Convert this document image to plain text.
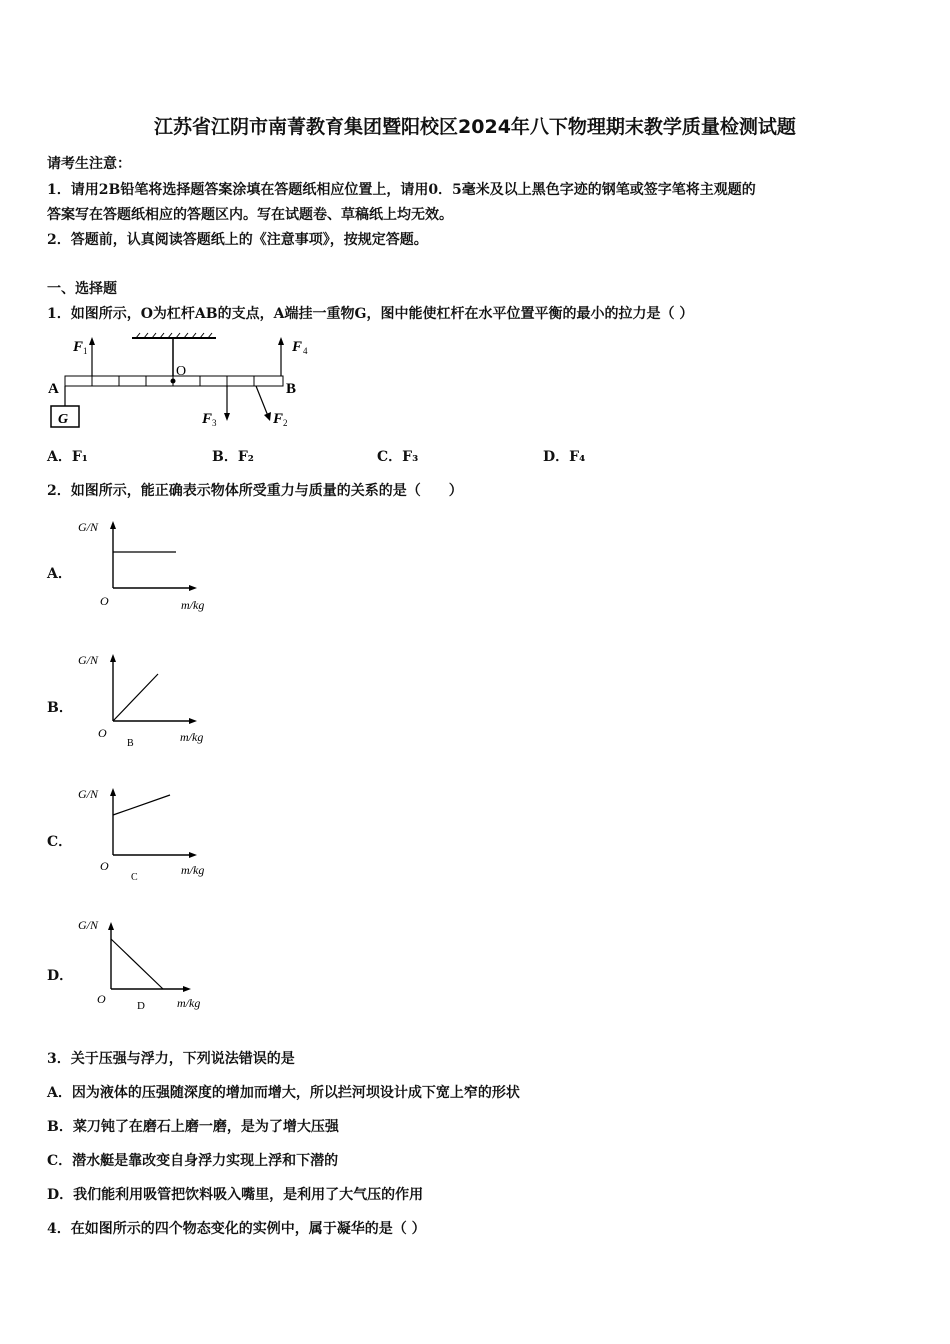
江苏省江阴市南菁教育集团暨阳校区2024年八下物理期末教学质量检测试题
请考生注意：
1．请用2B铅笔将选择题答案涂填在答题纸相应位置上，请用0．5毫米及以上黑色字迹的钢笔或签字笔将主观题的
答案写在答题纸相应的答题区内。写在试题卷、草稿纸上均无效。
2．答题前，认真阅读答题纸上的《注意事项》，按规定答题。
一、选择题
1．如图所示，O为杠杆AB的支点，A端挂一重物G，图中能使杠杆在水平位置平衡的最小的拉力是（ ）
O
A	B
G
F 1	F 4
F 3	F 2
A．F₁	B．F₂	C．F₃	D．F₄
2．如图所示，能正确表示物体所受重力与质量的关系的是（　　）
A．
G/N
O	m/kg
B．
G/N
O
B	m/kg
C．
G/N
O
C
m/kg
D．
G/N
O	D	m/kg
3．关于压强与浮力，下列说法错误的是
A．因为液体的压强随深度的增加而增大，所以拦河坝设计成下宽上窄的形状
B．菜刀钝了在磨石上磨一磨，是为了增大压强
C．潜水艇是靠改变自身浮力实现上浮和下潜的
D．我们能利用吸管把饮料吸入嘴里，是利用了大气压的作用
4．在如图所示的四个物态变化的实例中，属于凝华的是（ ）
